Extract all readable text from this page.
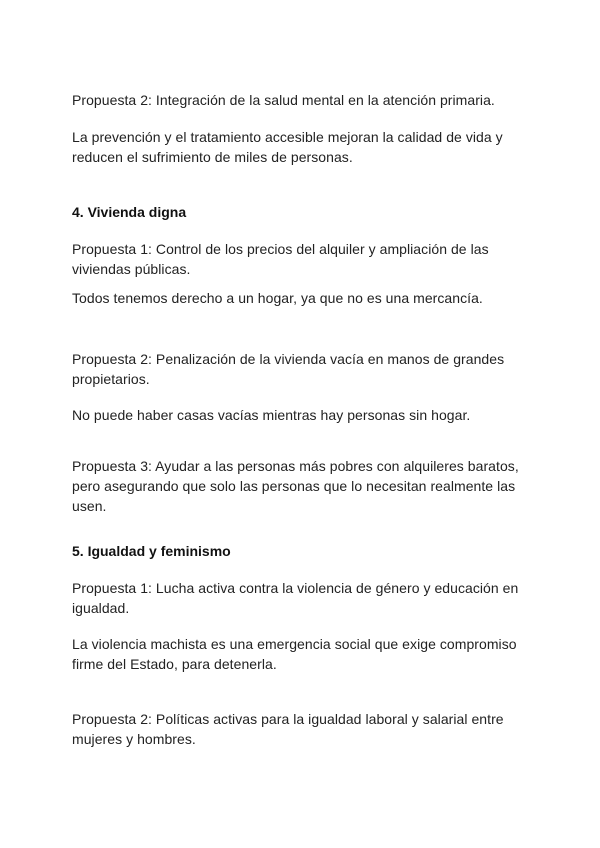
Propuesta 2: Integración de la salud mental en la atención primaria.

La prevención y el tratamiento accesible mejoran la calidad de vida y reducen el sufrimiento de miles de personas.

4. Vivienda digna

Propuesta 1: Control de los precios del alquiler y ampliación de las viviendas públicas.

Todos tenemos derecho a un hogar, ya que no es una mercancía.

Propuesta 2: Penalización de la vivienda vacía en manos de grandes propietarios.

No puede haber casas vacías mientras hay personas sin hogar.

Propuesta 3: Ayudar a las personas más pobres con alquileres baratos, pero asegurando que solo las personas que lo necesitan realmente las usen.

5. Igualdad y feminismo

Propuesta 1: Lucha activa contra la violencia de género y educación en igualdad.

La violencia machista es una emergencia social que exige compromiso firme del Estado, para detenerla.

Propuesta 2: Políticas activas para la igualdad laboral y salarial entre mujeres y hombres.
